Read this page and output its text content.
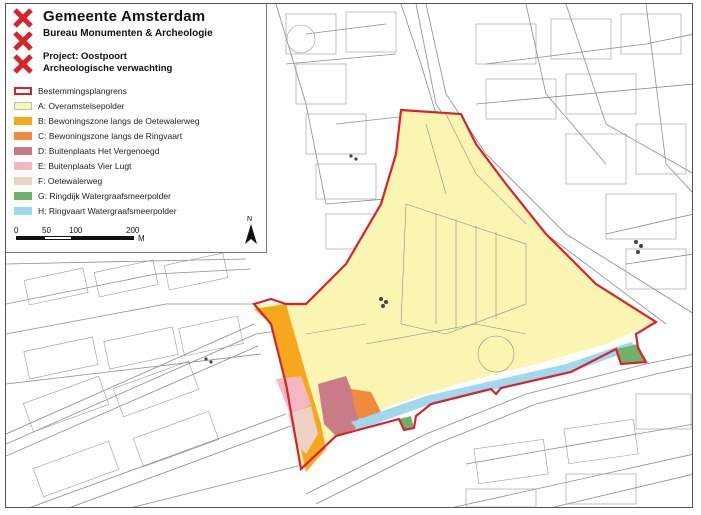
Gemeente Amsterdam
Bureau Monumenten & Archeologie
Project: Oostpoort
Archeologische verwachting
Bestemmingsplangrens
A: Overamstelsepolder
B: Bewoningszone langs de Oetewalerweg
C: Bewoningszone langs de Ringvaart
D: Buitenplaats Het Vergenoegd
E: Buitenplaats Vier Lugt
F: Oetewalerweg
G: Ringdijk Watergraafsmeerpolder
H: Ringvaart Watergraafsmeerpolder
0	50 100	200
M
N
